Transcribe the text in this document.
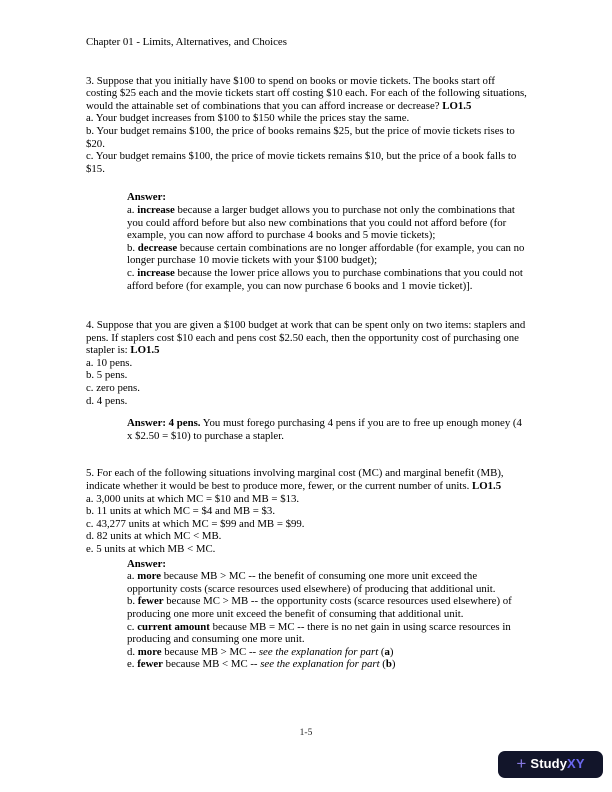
Chapter 01 - Limits, Alternatives, and Choices

3. Suppose that you initially have $100 to spend on books or movie tickets. The books start off costing $25 each and the movie tickets start off costing $10 each. For each of the following situations, would the attainable set of combinations that you can afford increase or decrease? LO1.5

a. Your budget increases from $100 to $150 while the prices stay the same.

b. Your budget remains $100, the price of books remains $25, but the price of movie tickets rises to $20.

c. Your budget remains $100, the price of movie tickets remains $10, but the price of a book falls to $15.

Answer:

a. increase because a larger budget allows you to purchase not only the combinations that you could afford before but also new combinations that you could not afford before (for example, you can now afford to purchase 4 books and 5 movie tickets);

b. decrease because certain combinations are no longer affordable (for example, you can no longer purchase 10 movie tickets with your $100 budget);

c. increase because the lower price allows you to purchase combinations that you could not afford before (for example, you can now purchase 6 books and 1 movie ticket)].

4. Suppose that you are given a $100 budget at work that can be spent only on two items: staplers and pens. If staplers cost $10 each and pens cost $2.50 each, then the opportunity cost of purchasing one stapler is: LO1.5

a. 10 pens.

b. 5 pens.

c. zero pens.

d. 4 pens.

Answer: 4 pens. You must forego purchasing 4 pens if you are to free up enough money (4 x $2.50 = $10) to purchase a stapler.

5. For each of the following situations involving marginal cost (MC) and marginal benefit (MB), indicate whether it would be best to produce more, fewer, or the current number of units. LO1.5

a. 3,000 units at which MC = $10 and MB = $13.

b. 11 units at which MC = $4 and MB = $3.

c. 43,277 units at which MC = $99 and MB = $99.

d. 82 units at which MC < MB.

e. 5 units at which MB < MC.

Answer:

a. more because MB > MC -- the benefit of consuming one more unit exceed the opportunity costs (scarce resources used elsewhere) of producing that additional unit.

b. fewer because MC > MB -- the opportunity costs (scarce resources used elsewhere) of producing one more unit exceed the benefit of consuming that additional unit.

c. current amount because MB = MC -- there is no net gain in using scarce resources in producing and consuming one more unit.

d. more because MB > MC -- see the explanation for part (a)

e. fewer because MB < MC -- see the explanation for part (b)

1-5
+ Study XY
